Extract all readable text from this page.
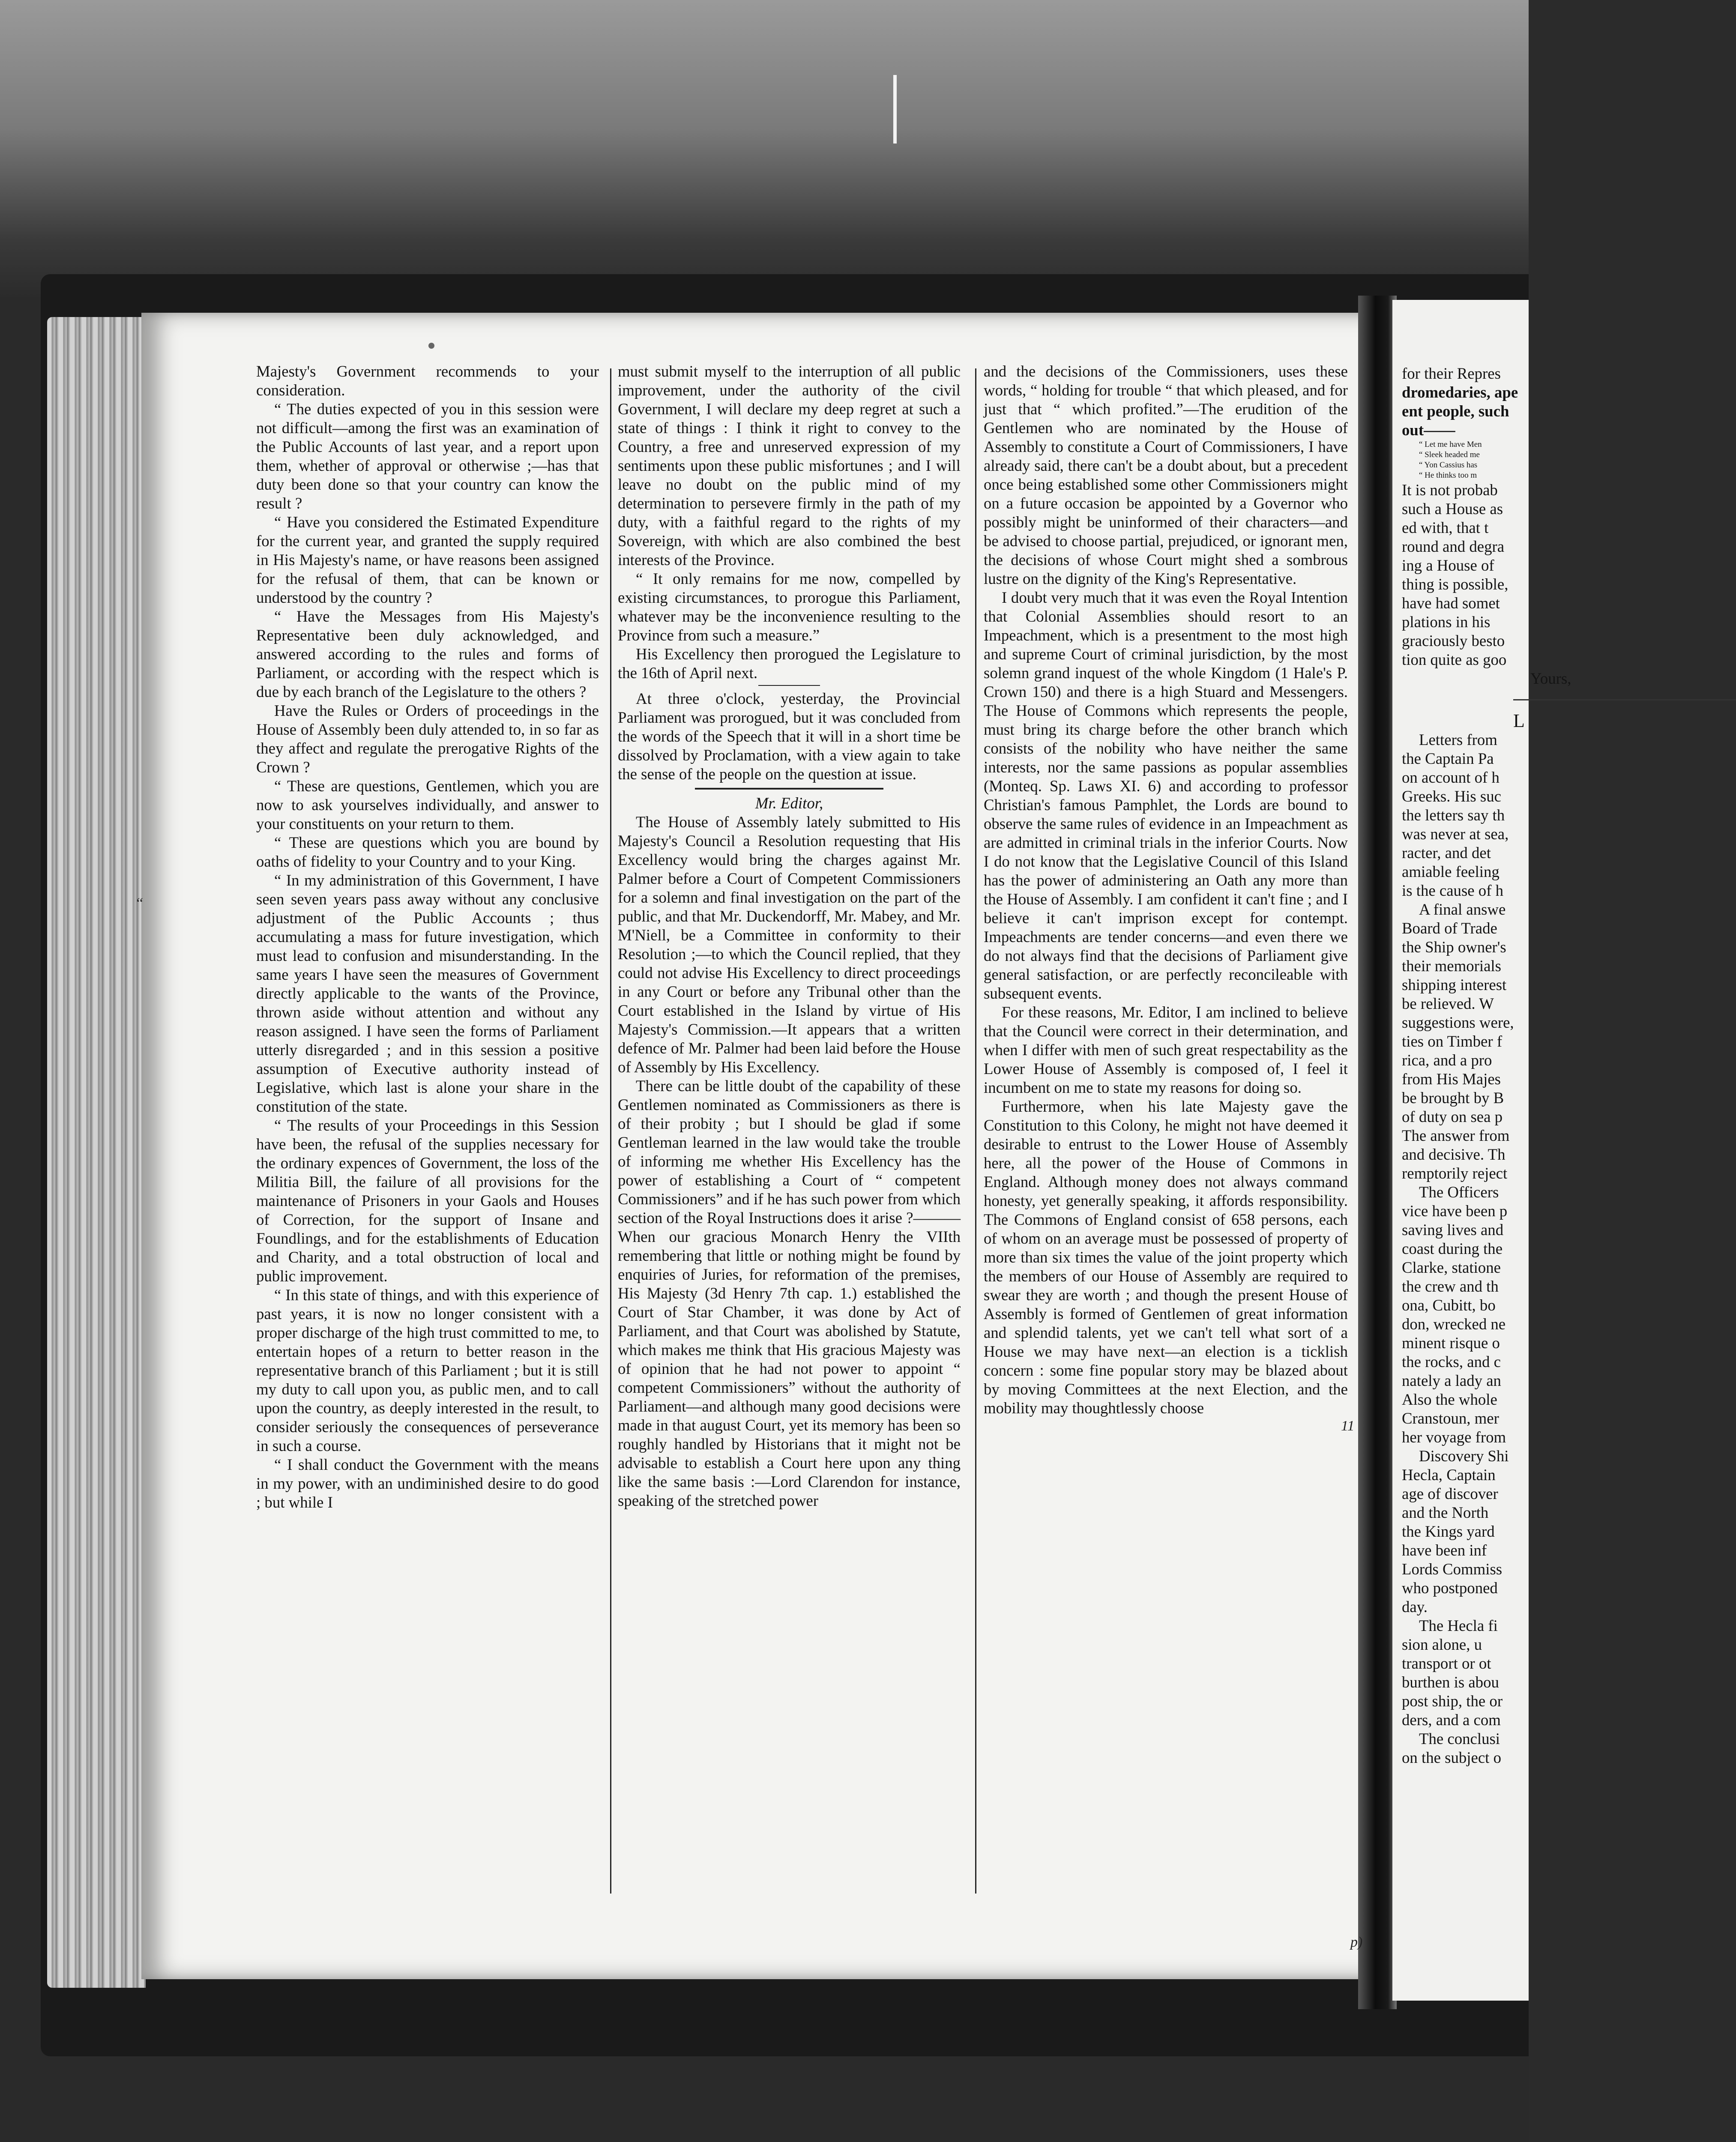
Majesty's Government recommends to your consideration.

“ The duties expected of you in this session were not difficult—among the first was an examination of the Public Accounts of last year, and a report upon them, whether of approval or otherwise ;—has that duty been done so that your country can know the result ?

“ Have you considered the Estimated Expenditure for the current year, and granted the supply required in His Majesty's name, or have reasons been assigned for the refusal of them, that can be known or understood by the country ?

“ Have the Messages from His Majesty's Representative been duly acknowledged, and answered according to the rules and forms of Parliament, or according with the respect which is due by each branch of the Legislature to the others ?

Have the Rules or Orders of proceedings in the House of Assembly been duly attended to, in so far as they affect and regulate the prerogative Rights of the Crown ?

“ These are questions, Gentlemen, which you are now to ask yourselves individually, and answer to your constituents on your return to them.

“ These are questions which you are bound by oaths of fidelity to your Country and to your King.

“ In my administration of this Government, I have seen seven years pass away without any conclusive adjustment of the Public Accounts ; thus accumulating a mass for future investigation, which must lead to confusion and misunderstanding. In the same years I have seen the measures of Government directly applicable to the wants of the Province, thrown aside without attention and without any reason assigned. I have seen the forms of Parliament utterly disregarded ; and in this session a positive assumption of Executive authority instead of Legislative, which last is alone your share in the constitution of the state.

“ The results of your Proceedings in this Session have been, the refusal of the supplies necessary for the ordinary expences of Government, the loss of the Militia Bill, the failure of all provisions for the maintenance of Prisoners in your Gaols and Houses of Correction, for the support of Insane and Foundlings, and for the establishments of Education and Charity, and a total obstruction of local and public improvement.

“ In this state of things, and with this experience of past years, it is now no longer consistent with a proper discharge of the high trust committed to me, to entertain hopes of a return to better reason in the representative branch of this Parliament ; but it is still my duty to call upon you, as public men, and to call upon the country, as deeply interested in the result, to consider seriously the consequences of perseverance in such a course.

“ I shall conduct the Government with the means in my power, with an undiminished desire to do good ; but while I

must submit myself to the interruption of all public improvement, under the authority of the civil Government, I will declare my deep regret at such a state of things : I think it right to convey to the Country, a free and unreserved expression of my sentiments upon these public misfortunes ; and I will leave no doubt on the public mind of my determination to persevere firmly in the path of my duty, with a faithful regard to the rights of my Sovereign, with which are also combined the best interests of the Province.

“ It only remains for me now, compelled by existing circumstances, to prorogue this Parliament, whatever may be the inconvenience resulting to the Province from such a measure.”

His Excellency then prorogued the Legislature to the 16th of April next.

At three o'clock, yesterday, the Provincial Parliament was prorogued, but it was concluded from the words of the Speech that it will in a short time be dissolved by Proclamation, with a view again to take the sense of the people on the question at issue.

Mr. Editor,

The House of Assembly lately submitted to His Majesty's Council a Resolution requesting that His Excellency would bring the charges against Mr. Palmer before a Court of Competent Commissioners for a solemn and final investigation on the part of the public, and that Mr. Duckendorff, Mr. Mabey, and Mr. M'Niell, be a Committee in conformity to their Resolution ;—to which the Council replied, that they could not advise His Excellency to direct proceedings in any Court or before any Tribunal other than the Court established in the Island by virtue of His Majesty's Commission.—It appears that a written defence of Mr. Palmer had been laid before the House of Assembly by His Excellency.

There can be little doubt of the capability of these Gentlemen nominated as Commissioners as there is of their probity ; but I should be glad if some Gentleman learned in the law would take the trouble of informing me whether His Excellency has the power of establishing a Court of “ competent Commissioners” and if he has such power from which section of the Royal Instructions does it arise ?——— When our gracious Monarch Henry the VIIth remembering that little or nothing might be found by enquiries of Juries, for reformation of the premises, His Majesty (3d Henry 7th cap. 1.) established the Court of Star Chamber, it was done by Act of Parliament, and that Court was abolished by Statute, which makes me think that His gracious Majesty was of opinion that he had not power to appoint “ competent Commissioners” without the authority of Parliament—and although many good decisions were made in that august Court, yet its memory has been so roughly handled by Historians that it might not be advisable to establish a Court here upon any thing like the same basis :—Lord Clarendon for instance, speaking of the stretched power

and the decisions of the Commissioners, uses these words, “ holding for trouble “ that which pleased, and for just that “ which profited.”—The erudition of the Gentlemen who are nominated by the House of Assembly to constitute a Court of Commissioners, I have already said, there can't be a doubt about, but a precedent once being established some other Commissioners might on a future occasion be appointed by a Governor who possibly might be uninformed of their characters—and be advised to choose partial, prejudiced, or ignorant men, the decisions of whose Court might shed a sombrous lustre on the dignity of the King's Representative.

I doubt very much that it was even the Royal Intention that Colonial Assemblies should resort to an Impeachment, which is a presentment to the most high and supreme Court of criminal jurisdiction, by the most solemn grand inquest of the whole Kingdom (1 Hale's P. Crown 150) and there is a high Stuard and Messengers. The House of Commons which represents the people, must bring its charge before the other branch which consists of the nobility who have neither the same interests, nor the same passions as popular assemblies (Monteq. Sp. Laws XI. 6) and according to professor Christian's famous Pamphlet, the Lords are bound to observe the same rules of evidence in an Impeachment as are admitted in criminal trials in the inferior Courts. Now I do not know that the Legislative Council of this Island has the power of administering an Oath any more than the House of Assembly. I am confident it can't fine ; and I believe it can't imprison except for contempt. Impeachments are tender concerns—and even there we do not always find that the decisions of Parliament give general satisfaction, or are perfectly reconcileable with subsequent events.

For these reasons, Mr. Editor, I am inclined to believe that the Council were correct in their determination, and when I differ with men of such great respectability as the Lower House of Assembly is composed of, I feel it incumbent on me to state my reasons for doing so.

Furthermore, when his late Majesty gave the Constitution to this Colony, he might not have deemed it desirable to entrust to the Lower House of Assembly here, all the power of the House of Commons in England. Although money does not always command honesty, yet generally speaking, it affords responsibility. The Commons of England consist of 658 persons, each of whom on an average must be possessed of property of more than six times the value of the joint property which the members of our House of Assembly are required to swear they are worth ; and though the present House of Assembly is formed of Gentlemen of great information and splendid talents, yet we can't tell what sort of a House we may have next—an election is a ticklish concern : some fine popular story may be blazed about by moving Committees at the next Election, and the mobility may thoughtlessly choose

for their Repres

dromedaries, ape

ent people, such

out——

“ Let me have Men

“ Sleek headed me

“ Yon Cassius has

“ He thinks too m

It is not probab

such a House as

ed with, that t

round and degra

ing a House of

thing is possible,

have had somet

plations in his

graciously besto

tion quite as goo

Yours,

L

Letters from

the Captain Pa

on account of h

Greeks. His suc

the letters say th

was never at sea,

racter, and det

amiable feeling

is the cause of h

A final answe

Board of Trade

the Ship owner's

their memorials

shipping interest

be relieved. W

suggestions were,

ties on Timber f

rica, and a pro

from His Majes

be brought by B

of duty on sea p

The answer from

and decisive. Th

remptorily reject

The Officers

vice have been p

saving lives and

coast during the

Clarke, statione

the crew and th

ona, Cubitt, bo

don, wrecked ne

minent risque o

the rocks, and c

nately a lady an

Also the whole

Cranstoun, mer

her voyage from

Discovery Shi

Hecla, Captain

age of discover

and the North

the Kings yard

have been inf

Lords Commiss

who postponed

day.

The Hecla fi

sion alone, u

transport or ot

burthen is abou

post ship, the or

ders, and a com

The conclusi

on the subject o

‘‘
11
p)
